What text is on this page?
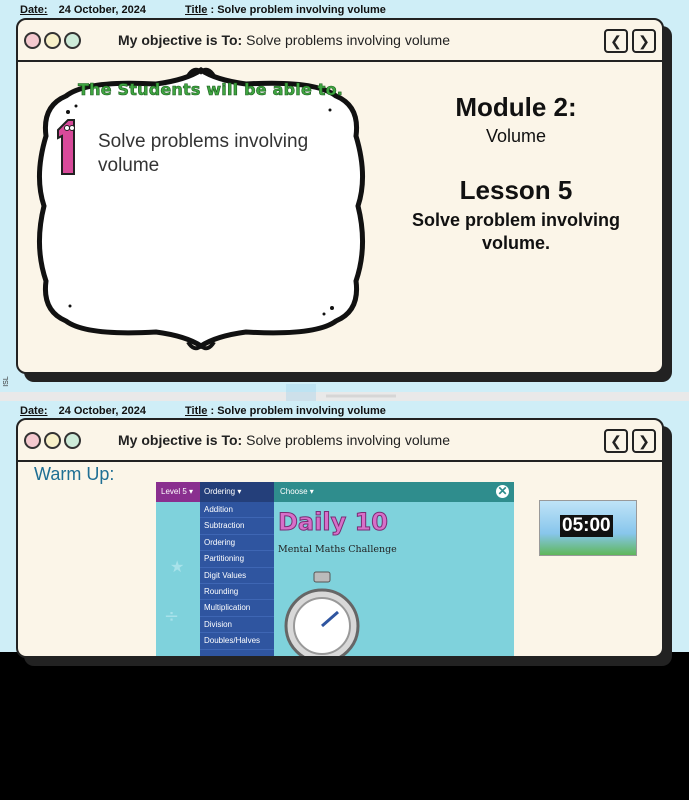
Date: 24 October, 2024	Title : Solve problem involving volume
My objective is To: Solve problems involving volume	❮	❯
The Students will be able to.
Solve problems involving volume
Module 2:
Volume
Lesson 5
Solve problem involving volume.
ISL
Date: 24 October, 2024	Title : Solve problem involving volume
My objective is To: Solve problems involving volume	❮	❯
Warm Up:
Level 5 ▾	Ordering ▾	Choose ▾	✕
Addition
Subtraction
Ordering
Partitioning
Digit Values
Rounding
Multiplication
Division
Doubles/Halves
Daily 10
Mental Maths Challenge
★
÷
05:00
